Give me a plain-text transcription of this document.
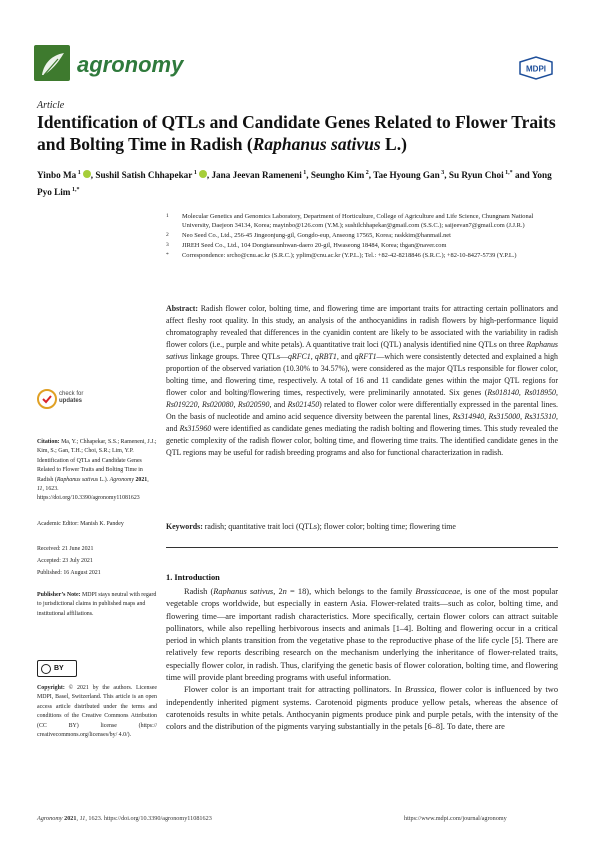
agronomy	MDPI
Article
Identification of QTLs and Candidate Genes Related to Flower Traits and Bolting Time in Radish (Raphanus sativus L.)
Yinbo Ma $^1$ , Sushil Satish Chhapekar $^1$ , Jana Jeevan Rameneni $^1$, Seungho Kim $^2$, Tae Hyoung Gan $^3$, Su Ryun Choi $^{1,*}$ and Yong Pyo Lim $^{1,*}$
1 Molecular Genetics and Genomics Laboratory, Department of Horticulture, College of Agriculture and Life Science, Chungnam National University, Daejeon 34134, Korea; mayinbo@126.com (Y.M.); sushilchhapekar@gmail.com (S.S.C.); saijeevan7@gmail.com (J.J.R.)
2 Neo Seed Co., Ltd., 256-45 Jingeonjung-gil, Gongdo-eup, Anseong 17565, Korea; raskkim@hanmail.net
3 JIREH Seed Co., Ltd., 104 Dongtansunhwan-daero 20-gil, Hwaseong 18484, Korea; thgan@naver.com
* Correspondence: srcho@cnu.ac.kr (S.R.C.); yplim@cnu.ac.kr (Y.P.L.); Tel.: +82-42-8218846 (S.R.C.); +82-10-8427-5739 (Y.P.L.)
Abstract: Radish flower color, bolting time, and flowering time are important traits for attracting certain pollinators and affect fleshy root quality. In this study, an analysis of the anthocyanidins in radish flowers by high-performance liquid chromatography revealed that differences in the cyanidin content are likely to be associated with the variability in radish flower colors (i.e., purple and white petals). A quantitative trait loci (QTL) analysis identified nine QTLs on three Raphanus sativus linkage groups. Three QTLs—qRFC1, qRBT1, and qRFT1—which were consistently detected and explained a high proportion of the observed variation (10.30% to 34.57%), were considered as the major QTLs responsible for flower color, bolting time, and flowering time, respectively. A total of 16 and 11 candidate genes within the major QTL regions for flower color and bolting/flowering times, respectively, were preliminarily annotated. Six genes (Rs018140, Rs018950, Rs019220, Rs020080, Rs020590, and Rs021450) related to flower color were differentially expressed in the parental lines. On the basis of nucleotide and amino acid sequence diversity between the parental lines, Rs314940, Rs315000, Rs315310, and Rs315960 were identified as candidate genes mediating the radish bolting and flowering times. This study revealed the genetic complexity of the radish flower color, bolting time, and flowering time traits. The identified candidate genes in the QTL regions may be useful for radish breeding programs and also for functional characterization in radish.
Keywords: radish; quantitative trait loci (QTLs); flower color; bolting time; flowering time
check for
updates
Citation: Ma, Y.; Chhapekar, S.S.; Rameneni, J.J.; Kim, S.; Gan, T.H.; Choi, S.R.; Lim, Y.P. Identification of QTLs and Candidate Genes Related to Flower Traits and Bolting Time in Radish (Raphanus sativus L.). Agronomy 2021, 11, 1623. https://doi.org/10.3390/agronomy11081623
Academic Editor: Manish K. Pandey
Received: 21 June 2021
Accepted: 23 July 2021
Published: 16 August 2021
Publisher’s Note: MDPI stays neutral with regard to jurisdictional claims in published maps and institutional affiliations.
BY
Copyright: © 2021 by the authors. Licensee MDPI, Basel, Switzerland. This article is an open access article distributed under the terms and conditions of the Creative Commons Attribution (CC BY) license (https:// creativecommons.org/licenses/by/ 4.0/).
1. Introduction

Radish (Raphanus sativus, 2n = 18), which belongs to the family Brassicaceae, is one of the most popular vegetable crops worldwide, but especially in eastern Asia. Flower-related traits—such as color, bolting time, and flowering time—are important radish characteristics. More specifically, certain flower colors can attract suitable pollinators, while also repelling herbivorous insects and animals [1–4]. Bolting and flowering occur in a critical period in which plants transition from the vegetative phase to the reproductive phase of the life cycle [5]. There are relatively few reports describing research on the mechanism underlying the inheritance of flower-related traits, especially flower color, in radish. Thus, clarifying the genetic basis of flower coloration, bolting time, and flowering time will provide plant breeding programs with useful information.

Flower color is an important trait for attracting pollinators. In Brassica, flower color is influenced by two independently inherited pigment systems. Carotenoid pigments produce yellow petals, whereas the absence of carotenoids results in white petals. Anthocyanin pigments produce pink and purple petals, with the intensity of the colors and the distribution of the pigments varying substantially in the petals [6–8]. To date, there are

Agronomy 2021, 11, 1623. https://doi.org/10.3390/agronomy11081623	https://www.mdpi.com/journal/agronomy
